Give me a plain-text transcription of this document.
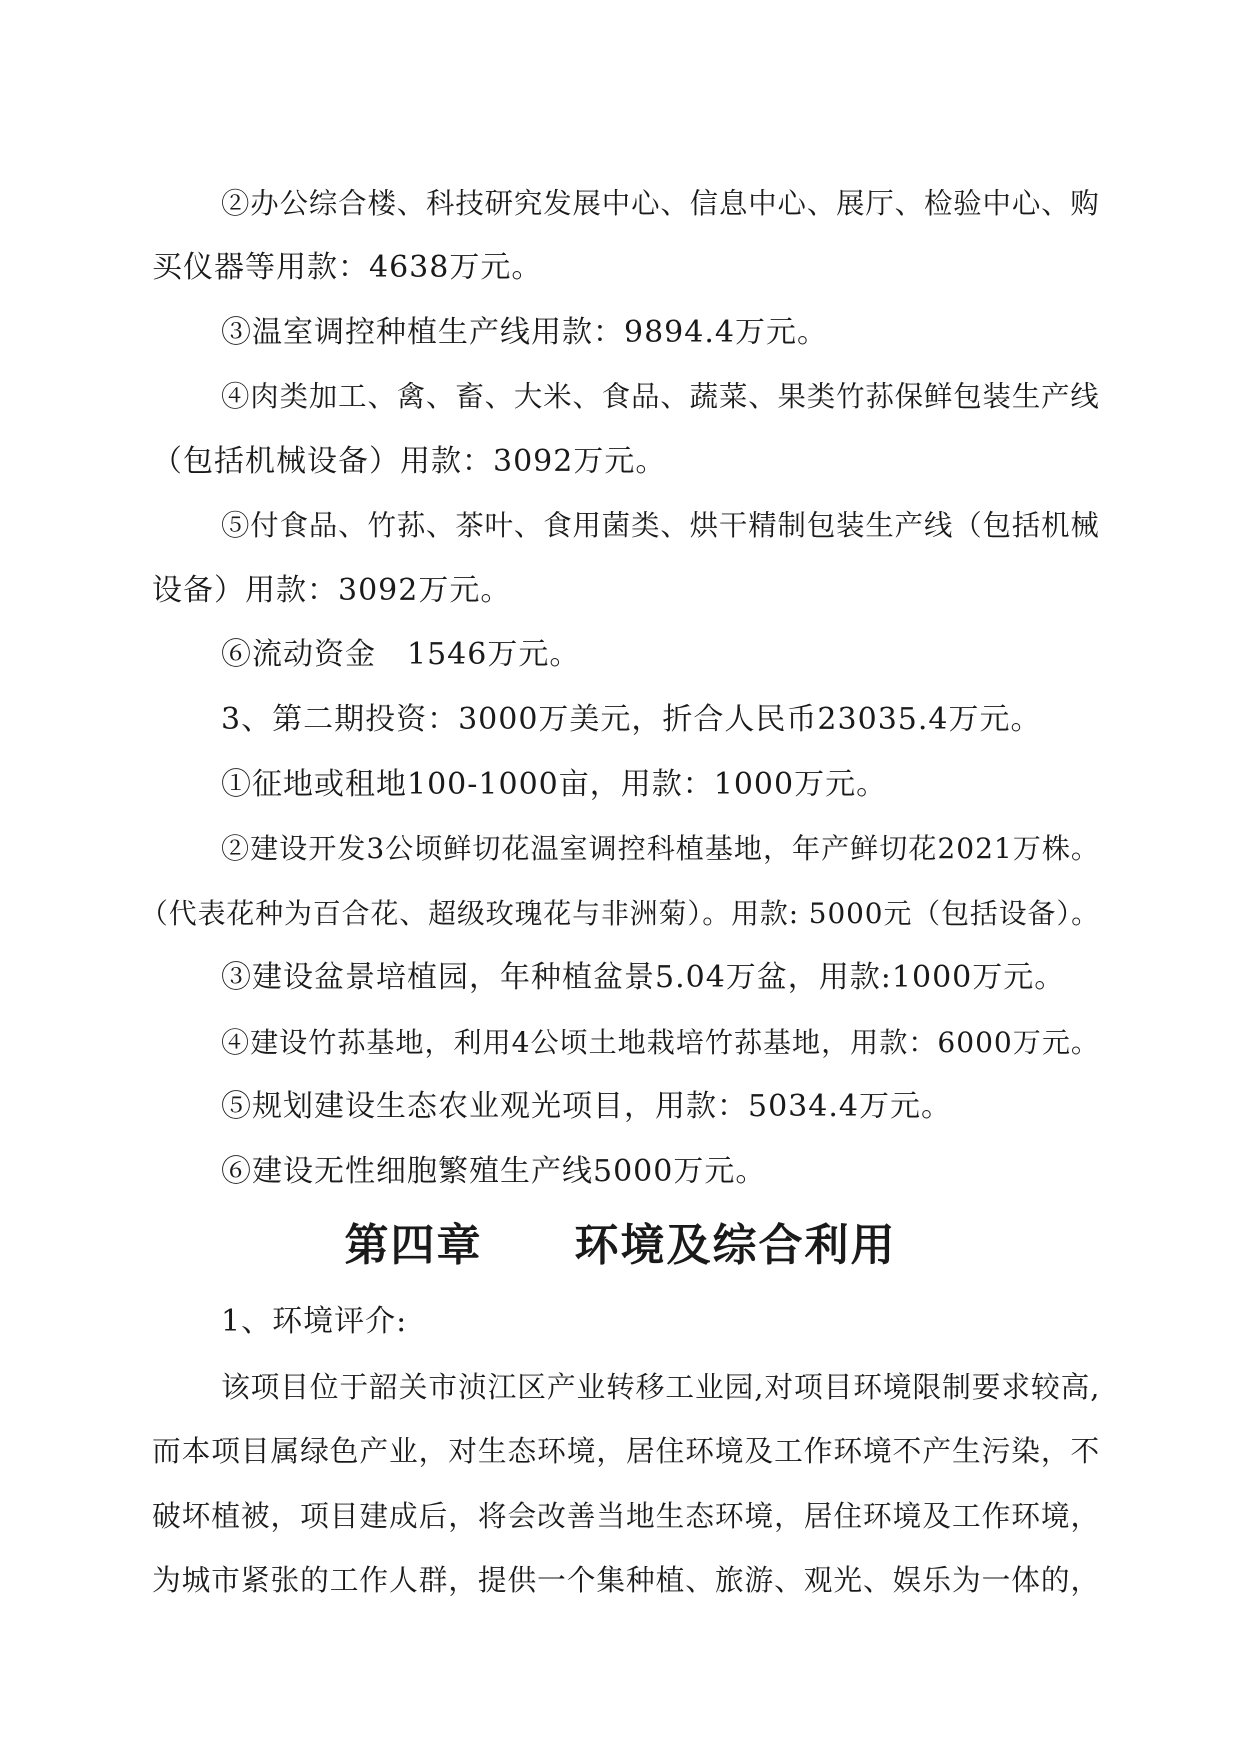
②办公综合楼、科技研究发展中心、信息中心、展厅、检验中心、购
买仪器等用款：4638万元。
③温室调控种植生产线用款：9894.4万元。
④肉类加工、禽、畜、大米、食品、蔬菜、果类竹荪保鲜包装生产线
（包括机械设备）用款：3092万元。
⑤付食品、竹荪、茶叶、食用菌类、烘干精制包装生产线（包括机械
设备）用款：3092万元。
⑥流动资金　1546万元。
3、第二期投资：3000万美元，折合人民币23035.4万元。
①征地或租地100-1000亩，用款：1000万元。
②建设开发3公顷鲜切花温室调控科植基地，年产鲜切花2021万株。
（代表花种为百合花、超级玫瑰花与非洲菊）。用款: 5000元（包括设备）。
③建设盆景培植园，年种植盆景5.04万盆，用款:1000万元。
④建设竹荪基地，利用4公顷土地栽培竹荪基地，用款：6000万元。
⑤规划建设生态农业观光项目，用款：5034.4万元。
⑥建设无性细胞繁殖生产线5000万元。
第四章　　环境及综合利用
1、环境评介:
该项目位于韶关市浈江区产业转移工业园,对项目环境限制要求较高,
而本项目属绿色产业，对生态环境，居住环境及工作环境不产生污染，不
破坏植被，项目建成后，将会改善当地生态环境，居住环境及工作环境，
为城市紧张的工作人群，提供一个集种植、旅游、观光、娱乐为一体的，
